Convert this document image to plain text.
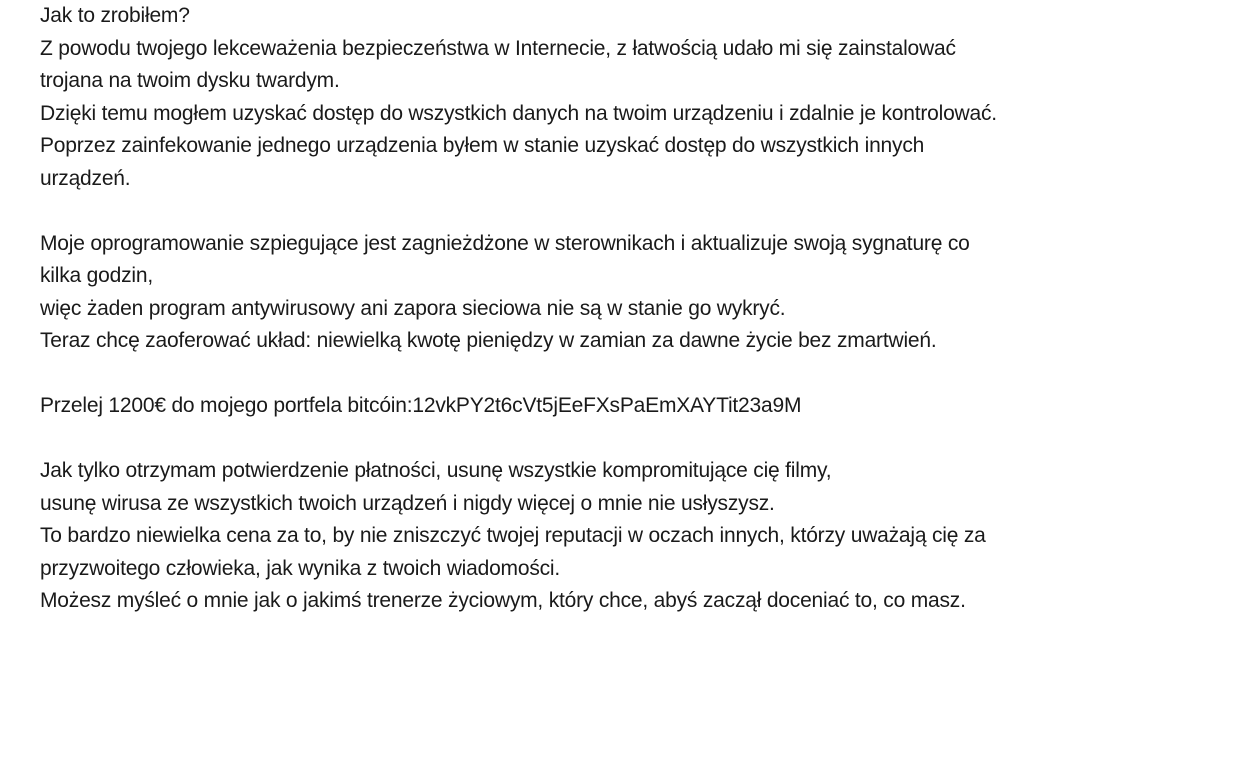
Jak to zrobiłem?
Z powodu twojego lekceważenia bezpieczeństwa w Internecie, z łatwością udało mi się zainstalować
trojana na twoim dysku twardym.
Dzięki temu mogłem uzyskać dostęp do wszystkich danych na twoim urządzeniu i zdalnie je kontrolować.
Poprzez zainfekowanie jednego urządzenia byłem w stanie uzyskać dostęp do wszystkich innych
urządzeń.
Moje oprogramowanie szpiegujące jest zagnieżdżone w sterownikach i aktualizuje swoją sygnaturę co
kilka godzin,
więc żaden program antywirusowy ani zapora sieciowa nie są w stanie go wykryć.
Teraz chcę zaoferować układ: niewielką kwotę pieniędzy w zamian za dawne życie bez zmartwień.
Przelej 1200€ do mojego portfela bitcóin:12vkPY2t6cVt5jEeFXsPaEmXAYTit23a9M
Jak tylko otrzymam potwierdzenie płatności, usunę wszystkie kompromitujące cię filmy,
usunę wirusa ze wszystkich twoich urządzeń i nigdy więcej o mnie nie usłyszysz.
To bardzo niewielka cena za to, by nie zniszczyć twojej reputacji w oczach innych, którzy uważają cię za
przyzwoitego człowieka, jak wynika z twoich wiadomości.
Możesz myśleć o mnie jak o jakimś trenerze życiowym, który chce, abyś zaczął doceniać to, co masz.
